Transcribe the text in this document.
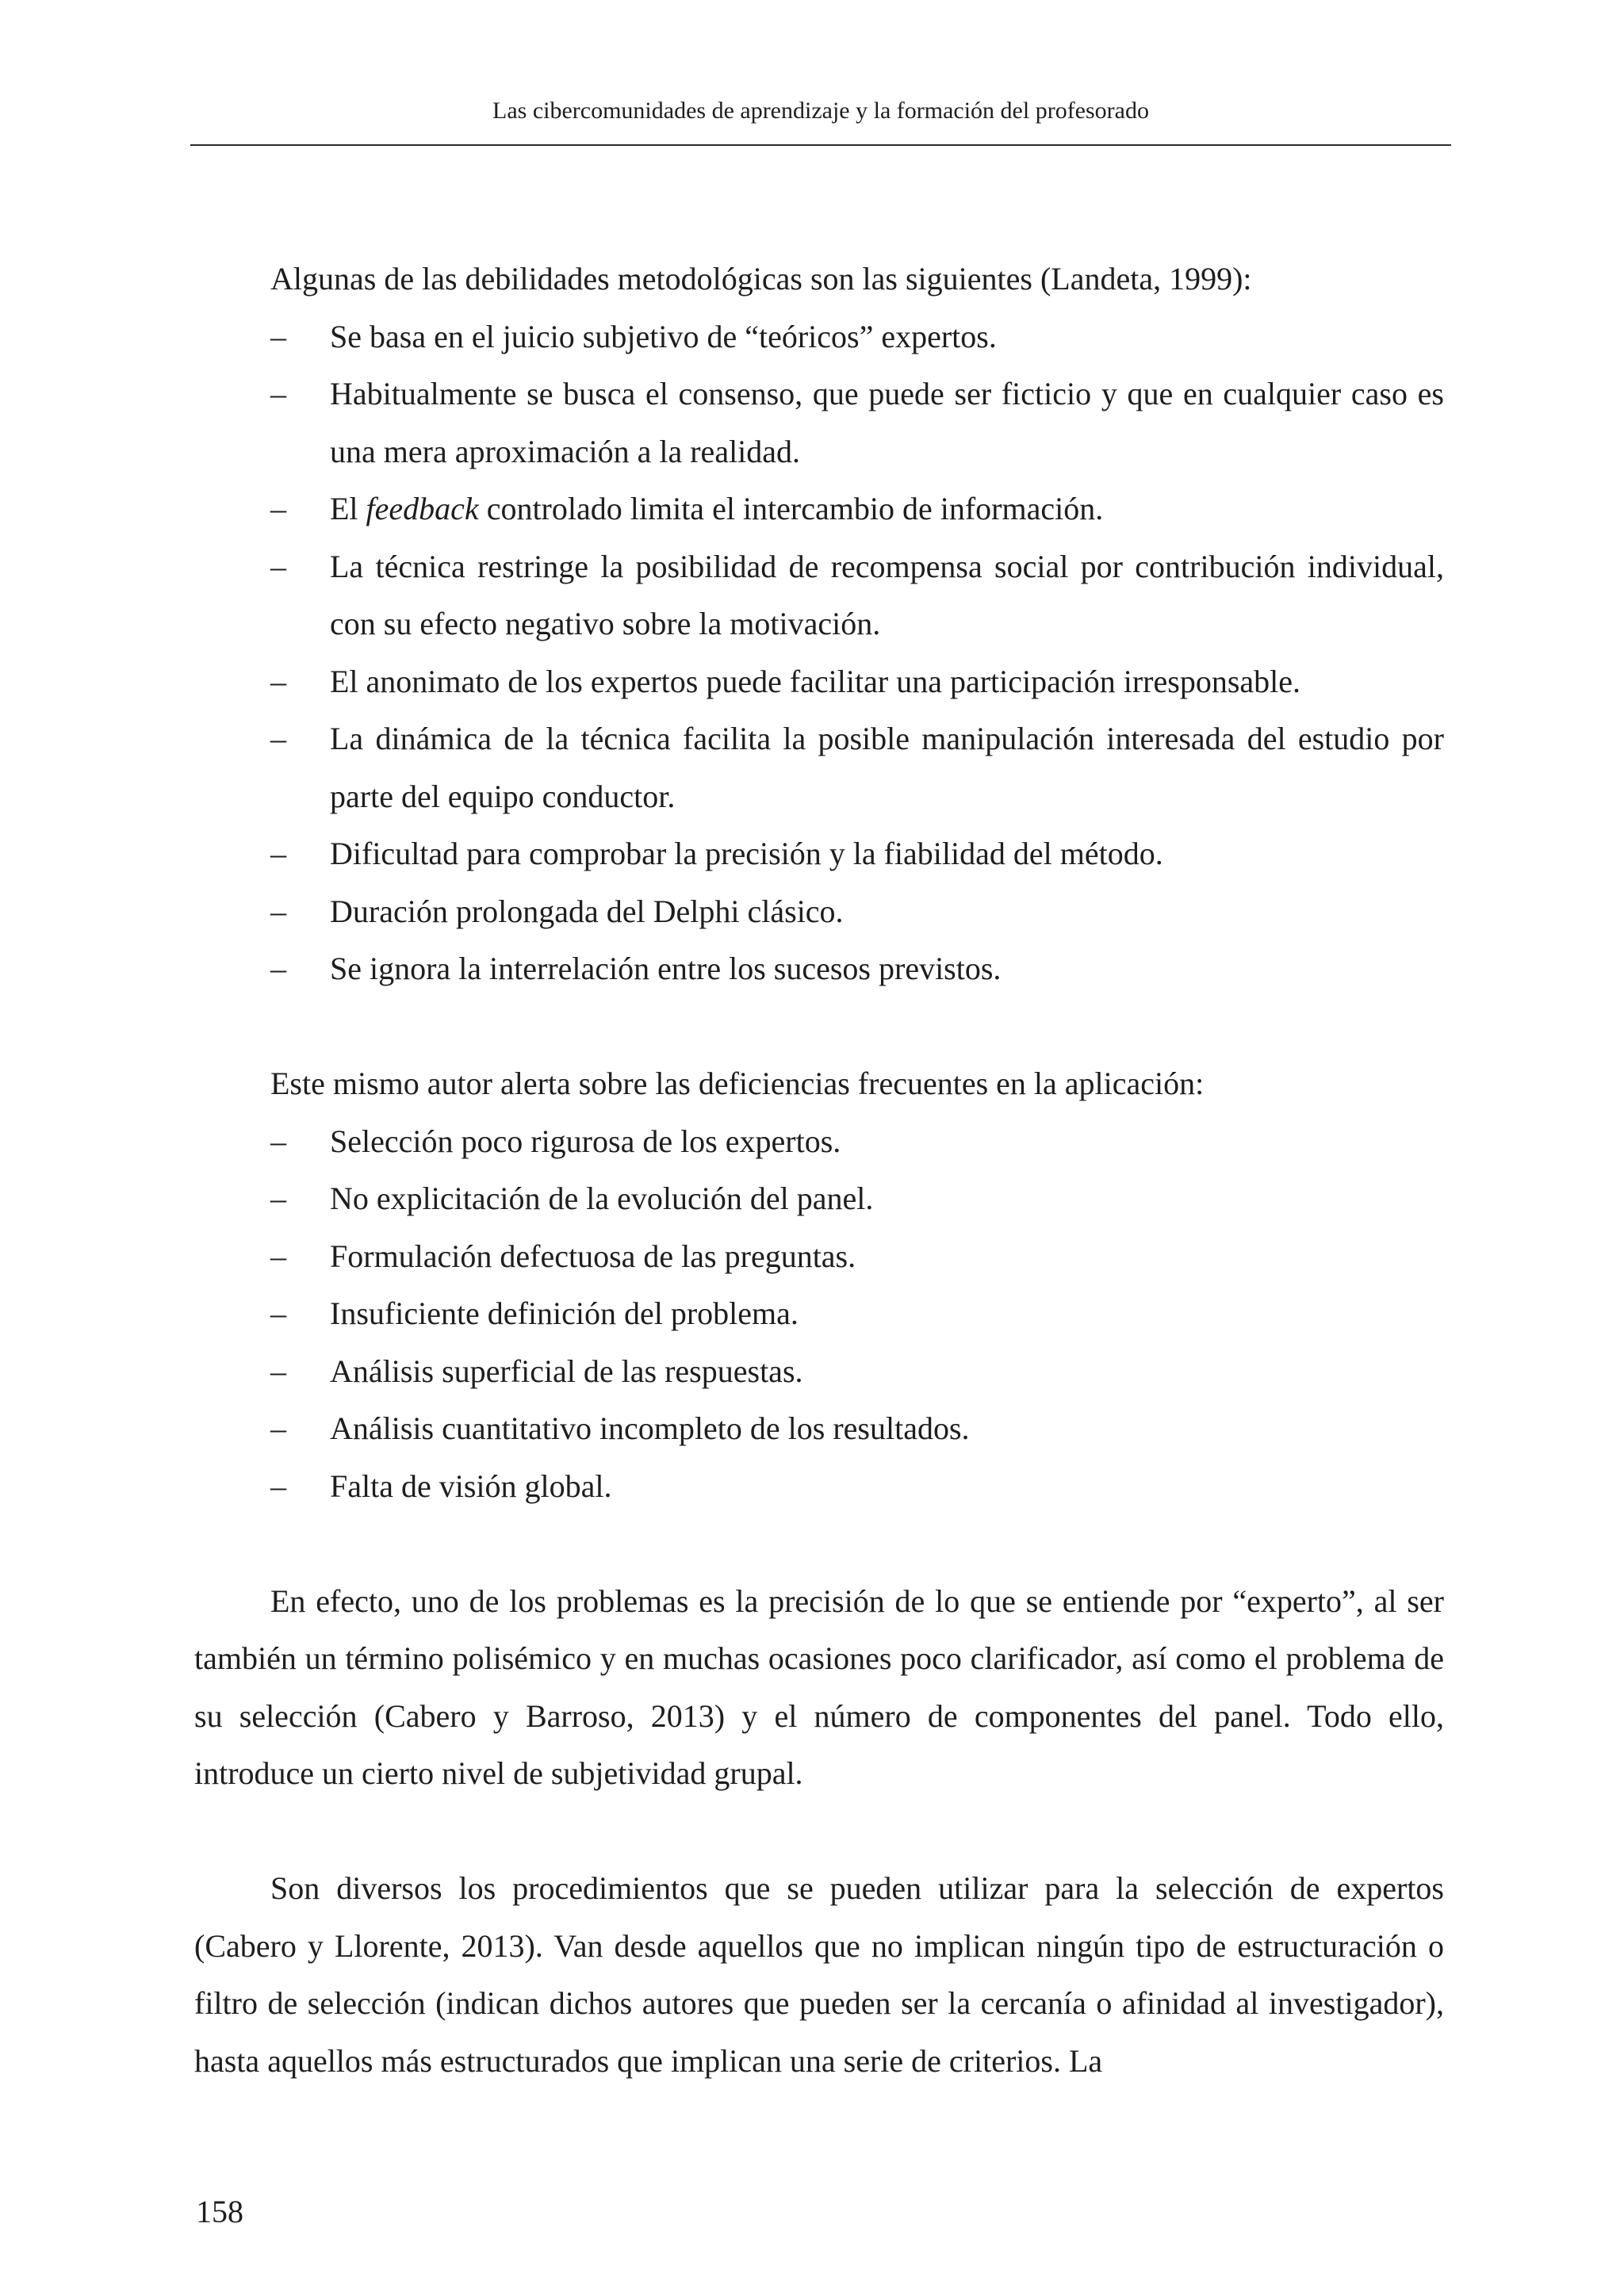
Las cibercomunidades de aprendizaje y la formación del profesorado

Algunas de las debilidades metodológicas son las siguientes (Landeta, 1999):

– Se basa en el juicio subjetivo de “teóricos” expertos.
– Habitualmente se busca el consenso, que puede ser ficticio y que en cualquier caso es una mera aproximación a la realidad.
– El feedback controlado limita el intercambio de información.
– La técnica restringe la posibilidad de recompensa social por contribución individual, con su efecto negativo sobre la motivación.
– El anonimato de los expertos puede facilitar una participación irresponsable.
– La dinámica de la técnica facilita la posible manipulación interesada del estudio por parte del equipo conductor.
– Dificultad para comprobar la precisión y la fiabilidad del método.
– Duración prolongada del Delphi clásico.
– Se ignora la interrelación entre los sucesos previstos.

Este mismo autor alerta sobre las deficiencias frecuentes en la aplicación:

– Selección poco rigurosa de los expertos.
– No explicitación de la evolución del panel.
– Formulación defectuosa de las preguntas.
– Insuficiente definición del problema.
– Análisis superficial de las respuestas.
– Análisis cuantitativo incompleto de los resultados.
– Falta de visión global.

En efecto, uno de los problemas es la precisión de lo que se entiende por “experto”, al ser también un término polisémico y en muchas ocasiones poco clarificador, así como el problema de su selección (Cabero y Barroso, 2013) y el número de componentes del panel. Todo ello, introduce un cierto nivel de subjetividad grupal.

Son diversos los procedimientos que se pueden utilizar para la selección de expertos (Cabero y Llorente, 2013). Van desde aquellos que no implican ningún tipo de estructuración o filtro de selección (indican dichos autores que pueden ser la cercanía o afinidad al investigador), hasta aquellos más estructurados que implican una serie de criterios. La

158
